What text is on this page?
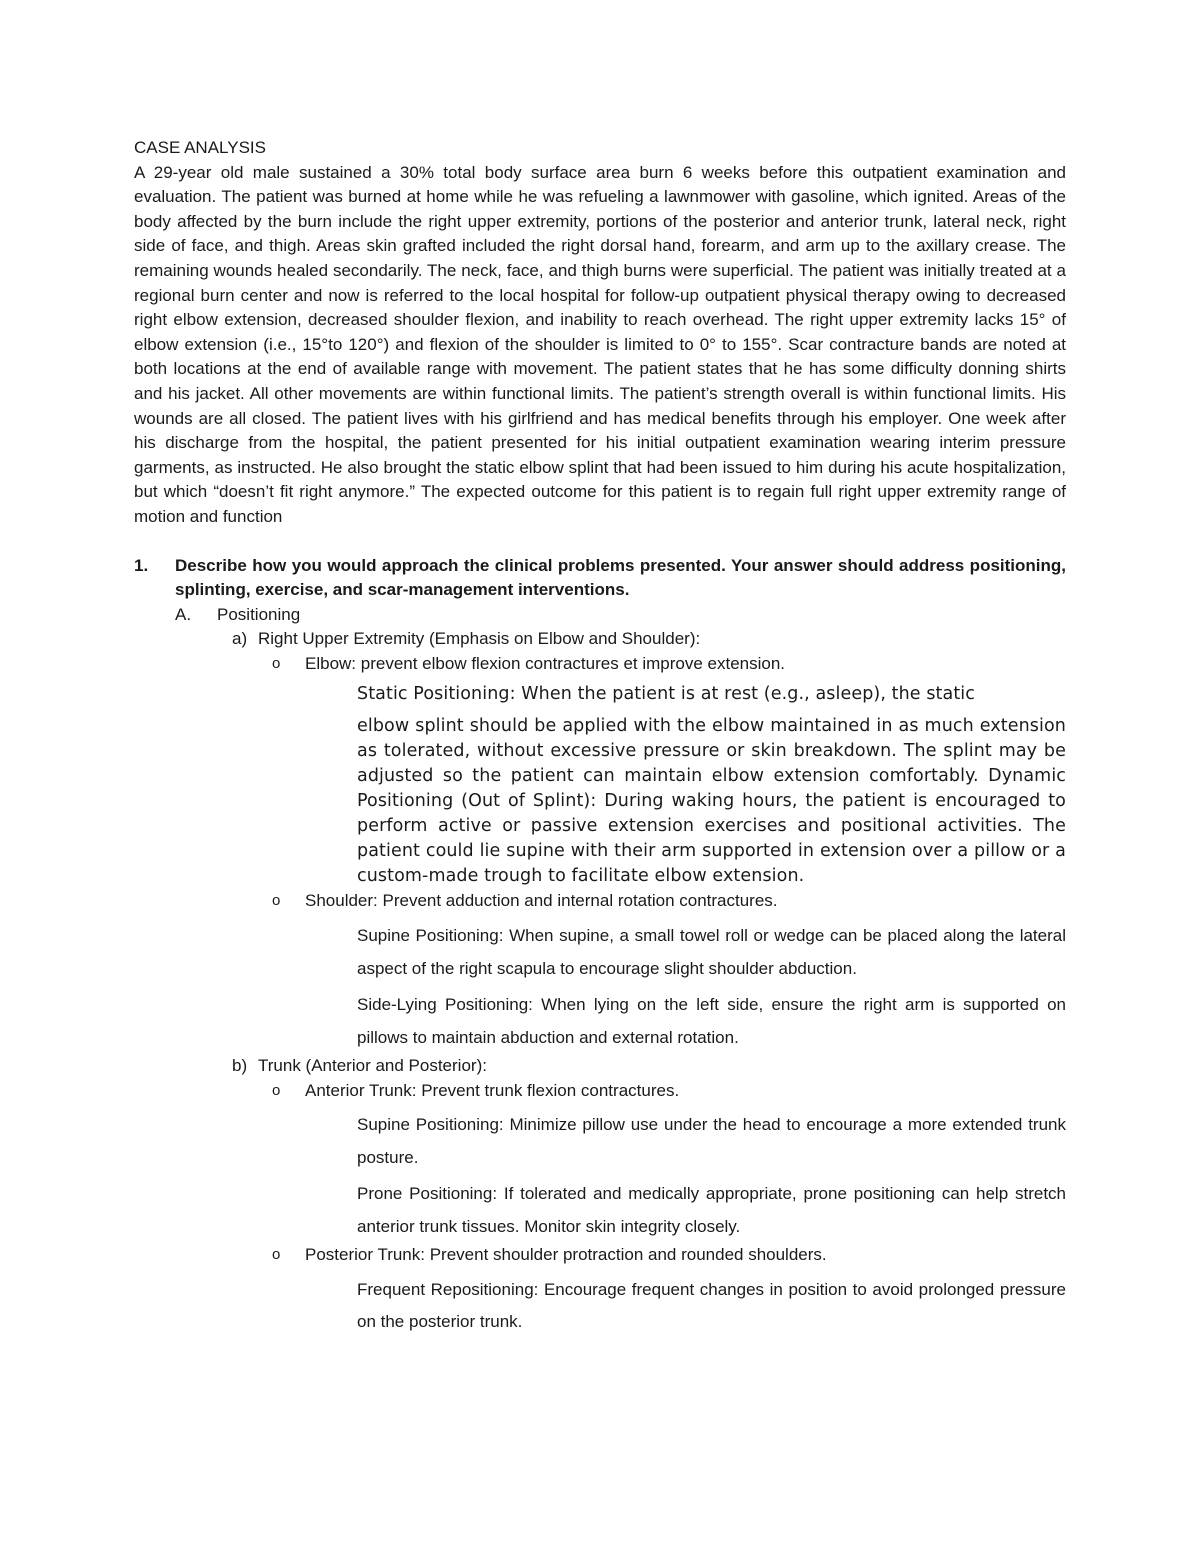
CASE ANALYSIS

A 29-year old male sustained a 30% total body surface area burn 6 weeks before this outpatient examination and evaluation. The patient was burned at home while he was refueling a lawnmower with gasoline, which ignited. Areas of the body affected by the burn include the right upper extremity, portions of the posterior and anterior trunk, lateral neck, right side of face, and thigh. Areas skin grafted included the right dorsal hand, forearm, and arm up to the axillary crease. The remaining wounds healed secondarily. The neck, face, and thigh burns were superficial. The patient was initially treated at a regional burn center and now is referred to the local hospital for follow-up outpatient physical therapy owing to decreased right elbow extension, decreased shoulder flexion, and inability to reach overhead. The right upper extremity lacks 15° of elbow extension (i.e., 15°to 120°) and flexion of the shoulder is limited to 0° to 155°. Scar contracture bands are noted at both locations at the end of available range with movement. The patient states that he has some difficulty donning shirts and his jacket. All other movements are within functional limits. The patient’s strength overall is within functional limits. His wounds are all closed. The patient lives with his girlfriend and has medical benefits through his employer. One week after his discharge from the hospital, the patient presented for his initial outpatient examination wearing interim pressure garments, as instructed. He also brought the static elbow splint that had been issued to him during his acute hospitalization, but which “doesn’t fit right anymore.” The expected outcome for this patient is to regain full right upper extremity range of motion and function

1. Describe how you would approach the clinical problems presented. Your answer should address positioning, splinting, exercise, and scar-management interventions.
A. Positioning
a) Right Upper Extremity (Emphasis on Elbow and Shoulder):
o Elbow: prevent elbow flexion contractures et improve extension.
Static Positioning: When the patient is at rest (e.g., asleep), the static
elbow splint should be applied with the elbow maintained in as much extension as tolerated, without excessive pressure or skin breakdown. The splint may be adjusted so the patient can maintain elbow extension comfortably. Dynamic Positioning (Out of Splint): During waking hours, the patient is encouraged to perform active or passive extension exercises and positional activities. The patient could lie supine with their arm supported in extension over a pillow or a custom-made trough to facilitate elbow extension.
o Shoulder: Prevent adduction and internal rotation contractures.

Supine Positioning: When supine, a small towel roll or wedge can be placed along the lateral aspect of the right scapula to encourage slight shoulder abduction.

Side-Lying Positioning: When lying on the left side, ensure the right arm is supported on pillows to maintain abduction and external rotation.

b) Trunk (Anterior and Posterior):
o Anterior Trunk: Prevent trunk flexion contractures.

Supine Positioning: Minimize pillow use under the head to encourage a more extended trunk posture.

Prone Positioning: If tolerated and medically appropriate, prone positioning can help stretch anterior trunk tissues. Monitor skin integrity closely.

o Posterior Trunk: Prevent shoulder protraction and rounded shoulders.

Frequent Repositioning: Encourage frequent changes in position to avoid prolonged pressure on the posterior trunk.
